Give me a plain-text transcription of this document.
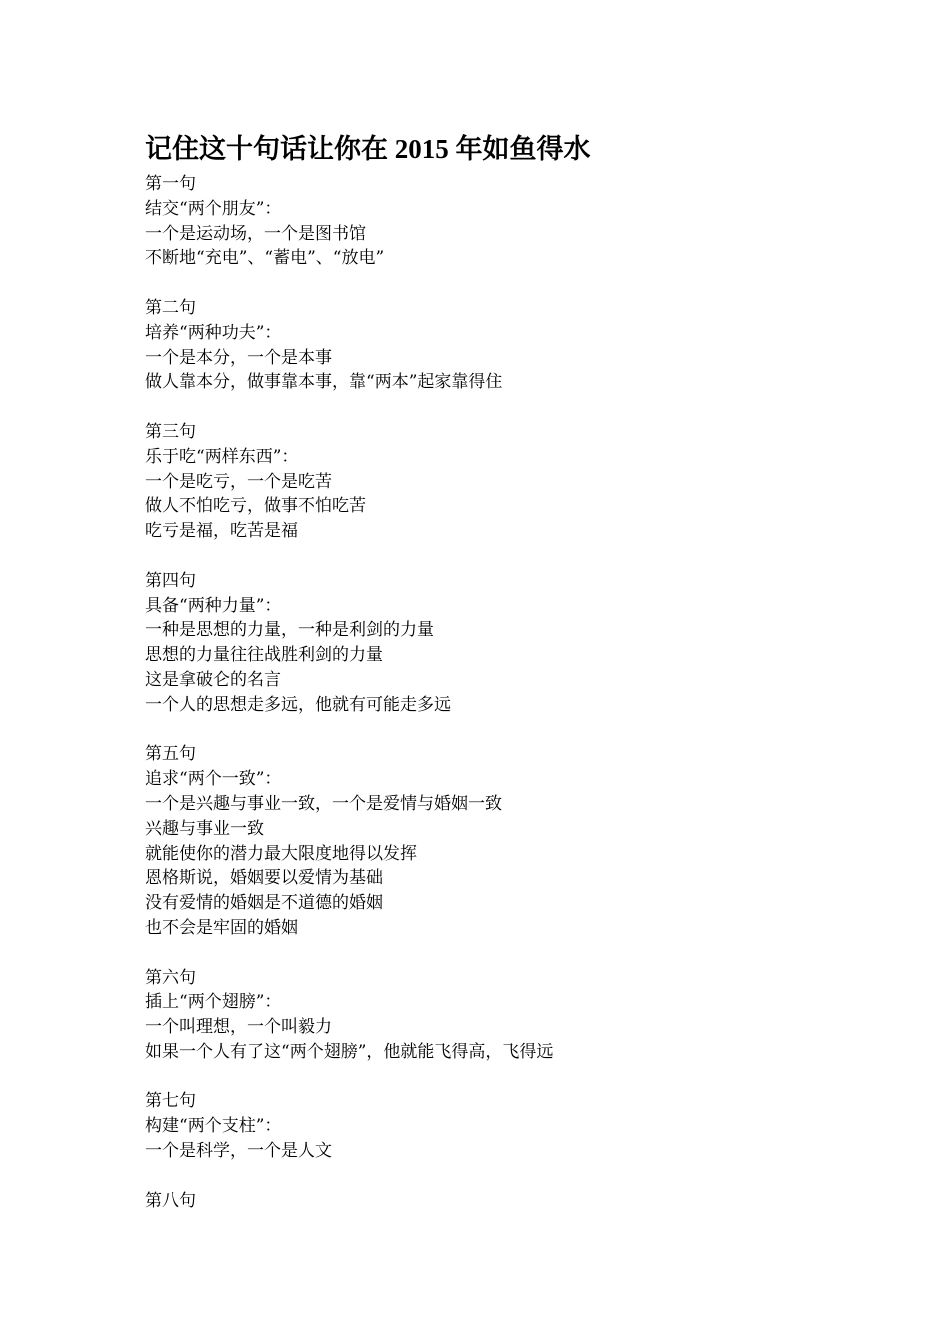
记住这十句话让你在 2015 年如鱼得水
第一句
结交“两个朋友”：
一个是运动场，一个是图书馆
不断地“充电”、“蓄电”、“放电”
第二句
培养“两种功夫”：
一个是本分，一个是本事
做人靠本分，做事靠本事，靠“两本”起家靠得住
第三句
乐于吃“两样东西”：
一个是吃亏，一个是吃苦
做人不怕吃亏，做事不怕吃苦
吃亏是福，吃苦是福
第四句
具备“两种力量”：
一种是思想的力量，一种是利剑的力量
思想的力量往往战胜利剑的力量
这是拿破仑的名言
一个人的思想走多远，他就有可能走多远
第五句
追求“两个一致”：
一个是兴趣与事业一致，一个是爱情与婚姻一致
兴趣与事业一致
就能使你的潜力最大限度地得以发挥
恩格斯说，婚姻要以爱情为基础
没有爱情的婚姻是不道德的婚姻
也不会是牢固的婚姻
第六句
插上“两个翅膀”：
一个叫理想，一个叫毅力
如果一个人有了这“两个翅膀”，他就能飞得高，飞得远
第七句
构建“两个支柱”：
一个是科学，一个是人文
第八句
